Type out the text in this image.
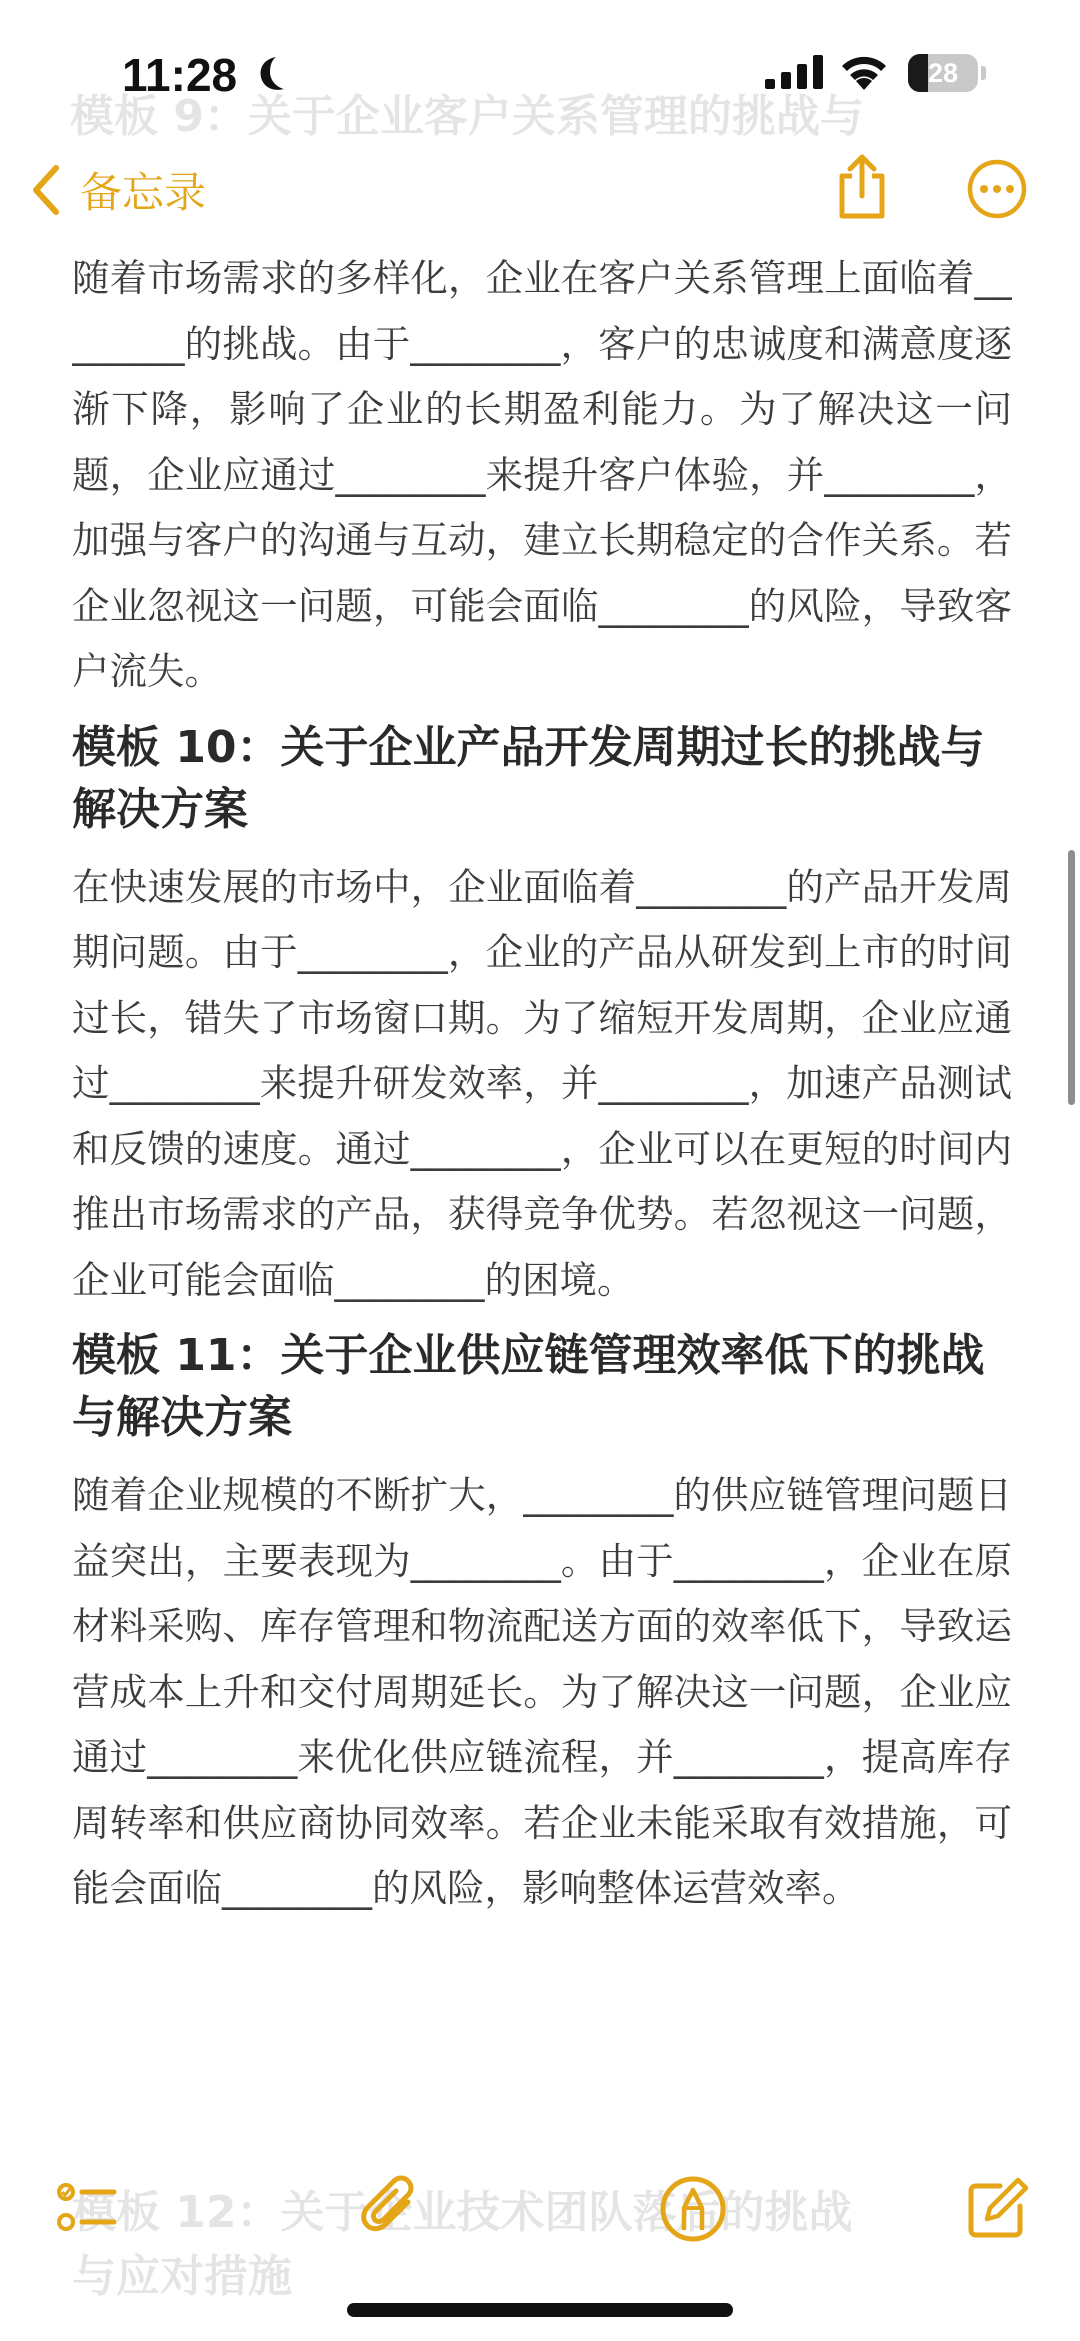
11:28	28
模板 9：关于企业客户关系管理的挑战与
备忘录

随着市场需求的多样化，企业在客户关系管理上面临着________的挑战。由于________，客户的忠诚度和满意度逐渐下降，影响了企业的长期盈利能力。为了解决这一问题，企业应通过________来提升客户体验，并________，加强与客户的沟通与互动，建立长期稳定的合作关系。若企业忽视这一问题，可能会面临________的风险，导致客户流失。

模板 10：关于企业产品开发周期过长的挑战与解决方案

在快速发展的市场中，企业面临着________的产品开发周期问题。由于________，企业的产品从研发到上市的时间过长，错失了市场窗口期。为了缩短开发周期，企业应通过________来提升研发效率，并________，加速产品测试和反馈的速度。通过________，企业可以在更短的时间内推出市场需求的产品，获得竞争优势。若忽视这一问题，企业可能会面临________的困境。

模板 11：关于企业供应链管理效率低下的挑战与解决方案

随着企业规模的不断扩大，________的供应链管理问题日益突出，主要表现为________。由于________，企业在原材料采购、库存管理和物流配送方面的效率低下，导致运营成本上升和交付周期延长。为了解决这一问题，企业应通过________来优化供应链流程，并________，提高库存周转率和供应商协同效率。若企业未能采取有效措施，可能会面临________的风险，影响整体运营效率。

模板 12：关于企业技术团队落后的挑战
与应对措施
